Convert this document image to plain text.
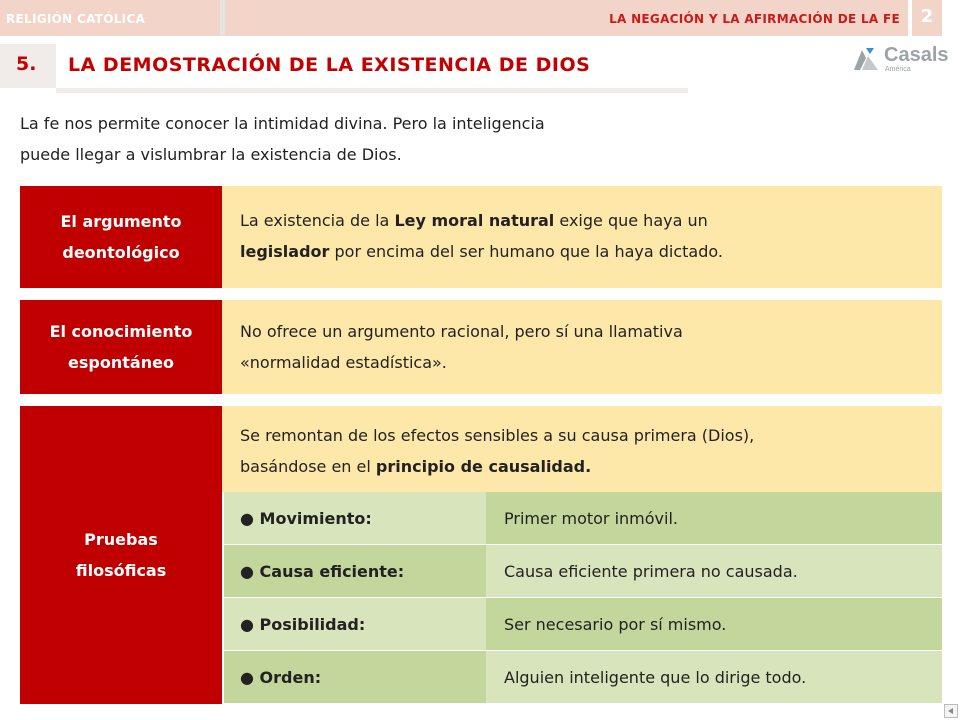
RELIGIÓN CATÓLICA	LA NEGACIÓN Y LA AFIRMACIÓN DE LA FE	2
5. LA DEMOSTRACIÓN DE LA EXISTENCIA DE DIOS	Casals
América
La fe nos permite conocer la intimidad divina. Pero la inteligencia
puede llegar a vislumbrar la existencia de Dios.
El argumento
deontológico
La existencia de la Ley moral natural exige que haya un
legislador por encima del ser humano que la haya dictado.
El conocimiento
espontáneo
No ofrece un argumento racional, pero sí una llamativa
«normalidad estadística».
Pruebas
filosóficas
Se remontan de los efectos sensibles a su causa primera (Dios),
basándose en el principio de causalidad.
● Movimiento:	Primer motor inmóvil.
● Causa eficiente:	Causa eficiente primera no causada.
● Posibilidad:	Ser necesario por sí mismo.
● Orden:	Alguien inteligente que lo dirige todo.
